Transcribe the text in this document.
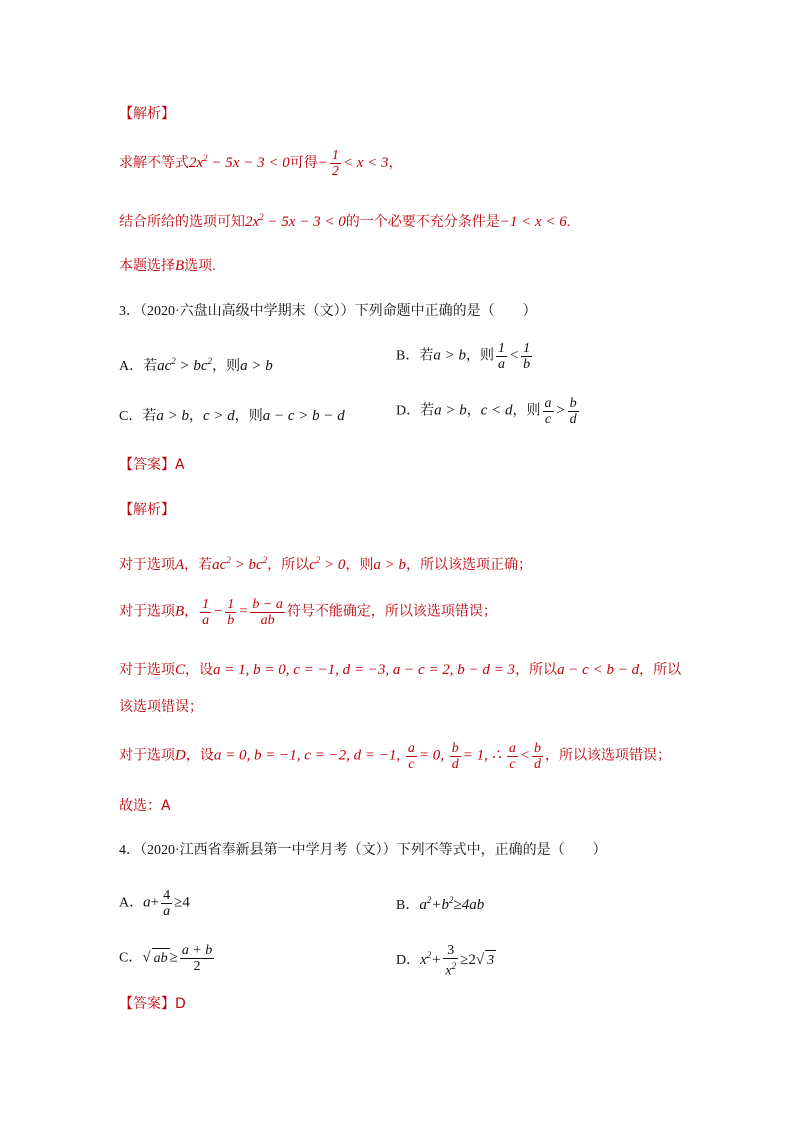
【解析】
求解不等式$2x^2 - 5x - 3 < 0$可得− $\frac{1}{2} < x < 3$，
结合所给的选项可知$2x^2 - 5x - 3 < 0$的一个必要不充分条件是−1 < x < 6.
本题选择B选项.
3．（2020·六盘山高级中学期末（文））下列命题中正确的是（　　）
A．若$ac^2 > bc^2$，则a > b
B．若a > b，则 $\frac{1}{a} < \frac{1}{b}$
C．若a > b，c > d，则a − c > b − d	D．若a > b，c < d，则 $\frac{a}{c} > \frac{b}{d}$
【答案】A
【解析】
对于选项A，若$ac^2 > bc^2$，所以$c^2 > 0$，则a > b，所以该选项正确；
对于选项B， $\frac{1}{a} - \frac{1}{b} = \frac{b - a}{ab}$ 符号不能确定，所以该选项错误；
对于选项C，设a = 1, b = 0, c = −1, d = −3, a − c = 2, b − d = 3，所以a − c < b − d，所以
该选项错误；
对于选项D，设a = 0, b = −1, c = −2, d = −1, $\frac{a}{c} = 0$, $\frac{b}{d} = 1$, ∴ $\frac{a}{c} < \frac{b}{d}$ ，所以该选项错误；
故选：A
4．（2020·江西省奉新县第一中学月考（文））下列不等式中，正确的是（　　）
A．$a+ \frac{4}{a} \ge 4$	B．$a^2+b^2\ge 4ab$
C．√ ab ≥ $\frac{a + b}{2}$	D．$x^2+ \frac{3}{x^2} \ge 2√$ 3
【答案】D
